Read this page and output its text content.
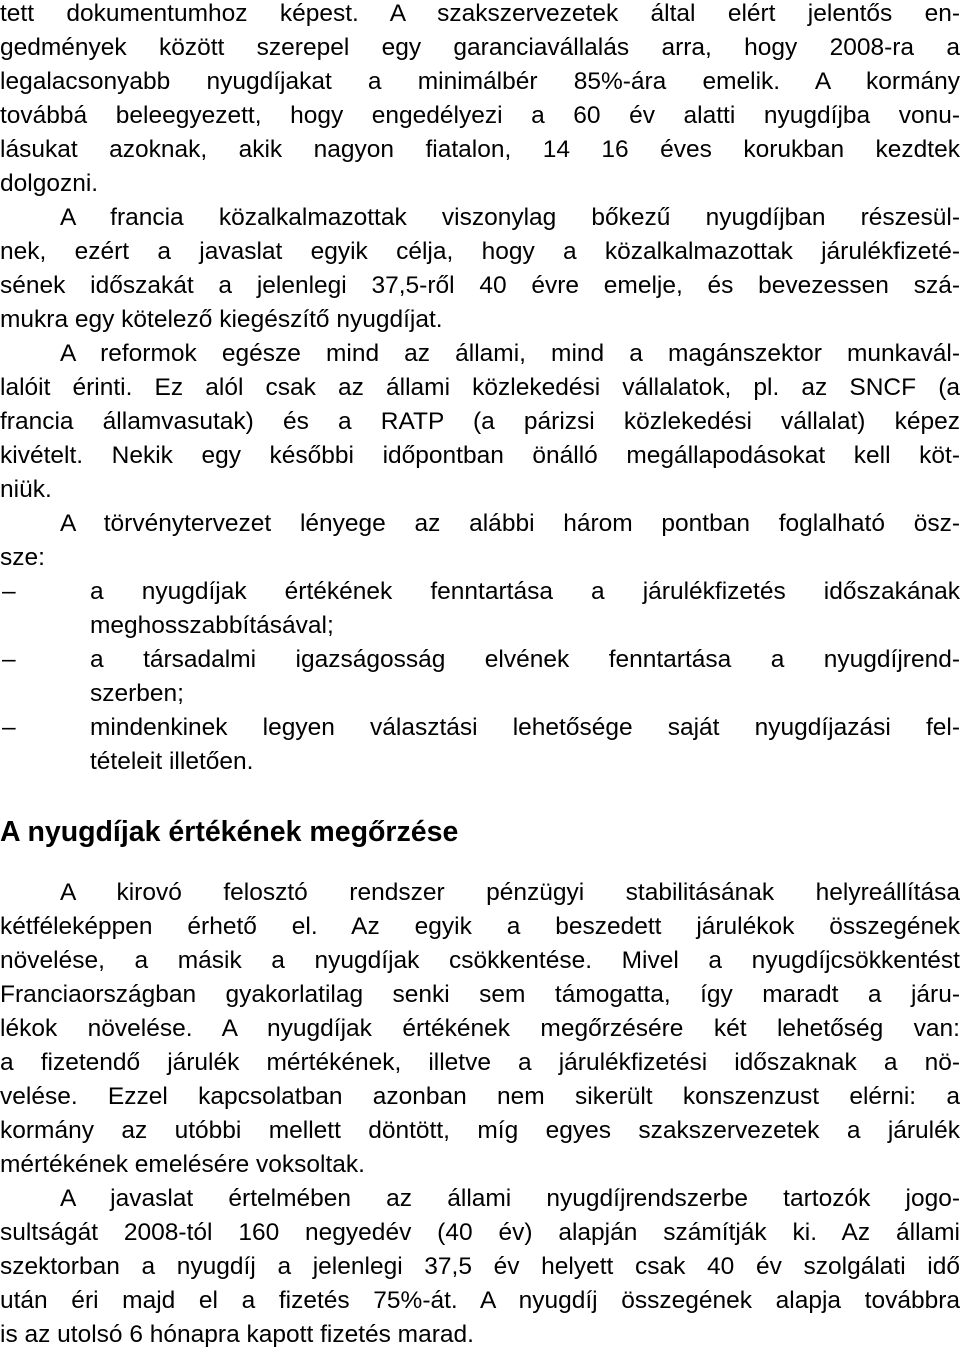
tett dokumentumhoz képest. A szakszervezetek által elért jelentős en-

gedmények között szerepel egy garanciavállalás arra, hogy 2008-ra a

legalacsonyabb nyugdíjakat a minimálbér 85%-ára emelik. A kormány

továbbá beleegyezett, hogy engedélyezi a 60 év alatti nyugdíjba vonu-

lásukat azoknak, akik nagyon fiatalon, 14 16 éves korukban kezdtek

dolgozni.

A francia közalkalmazottak viszonylag bőkezű nyugdíjban részesül-

nek, ezért a javaslat egyik célja, hogy a közalkalmazottak járulékfizeté-

sének időszakát a jelenlegi 37,5-ről 40 évre emelje, és bevezessen szá-

mukra egy kötelező kiegészítő nyugdíjat.

A reformok egésze mind az állami, mind a magánszektor munkavál-

lalóit érinti. Ez alól csak az állami közlekedési vállalatok, pl. az SNCF (a

francia államvasutak) és a RATP (a párizsi közlekedési vállalat) képez

kivételt. Nekik egy későbbi időpontban önálló megállapodásokat kell köt-

niük.

A törvénytervezet lényege az alábbi három pontban foglalható ösz-

sze:

–	a nyugdíjak értékének fenntartása a járulékfizetés időszakának

meghosszabbításával;

–	a társadalmi igazságosság elvének fenntartása a nyugdíjrend-

szerben;

–	mindenkinek legyen választási lehetősége saját nyugdíjazási fel-

tételeit illetően.

A nyugdíjak értékének megőrzése

A kirovó felosztó rendszer pénzügyi stabilitásának helyreállítása

kétféleképpen érhető el. Az egyik a beszedett járulékok összegének

növelése, a másik a nyugdíjak csökkentése. Mivel a nyugdíjcsökkentést

Franciaországban gyakorlatilag senki sem támogatta, így maradt a járu-

lékok növelése. A nyugdíjak értékének megőrzésére két lehetőség van:

a fizetendő járulék mértékének, illetve a járulékfizetési időszaknak a nö-

velése. Ezzel kapcsolatban azonban nem sikerült konszenzust elérni: a

kormány az utóbbi mellett döntött, míg egyes szakszervezetek a járulék

mértékének emelésére voksoltak.

A javaslat értelmében az állami nyugdíjrendszerbe tartozók jogo-

sultságát 2008-tól 160 negyedév (40 év) alapján számítják ki. Az állami

szektorban a nyugdíj a jelenlegi 37,5 év helyett csak 40 év szolgálati idő

után éri majd el a fizetés 75%-át. A nyugdíj összegének alapja továbbra

is az utolsó 6 hónapra kapott fizetés marad.
